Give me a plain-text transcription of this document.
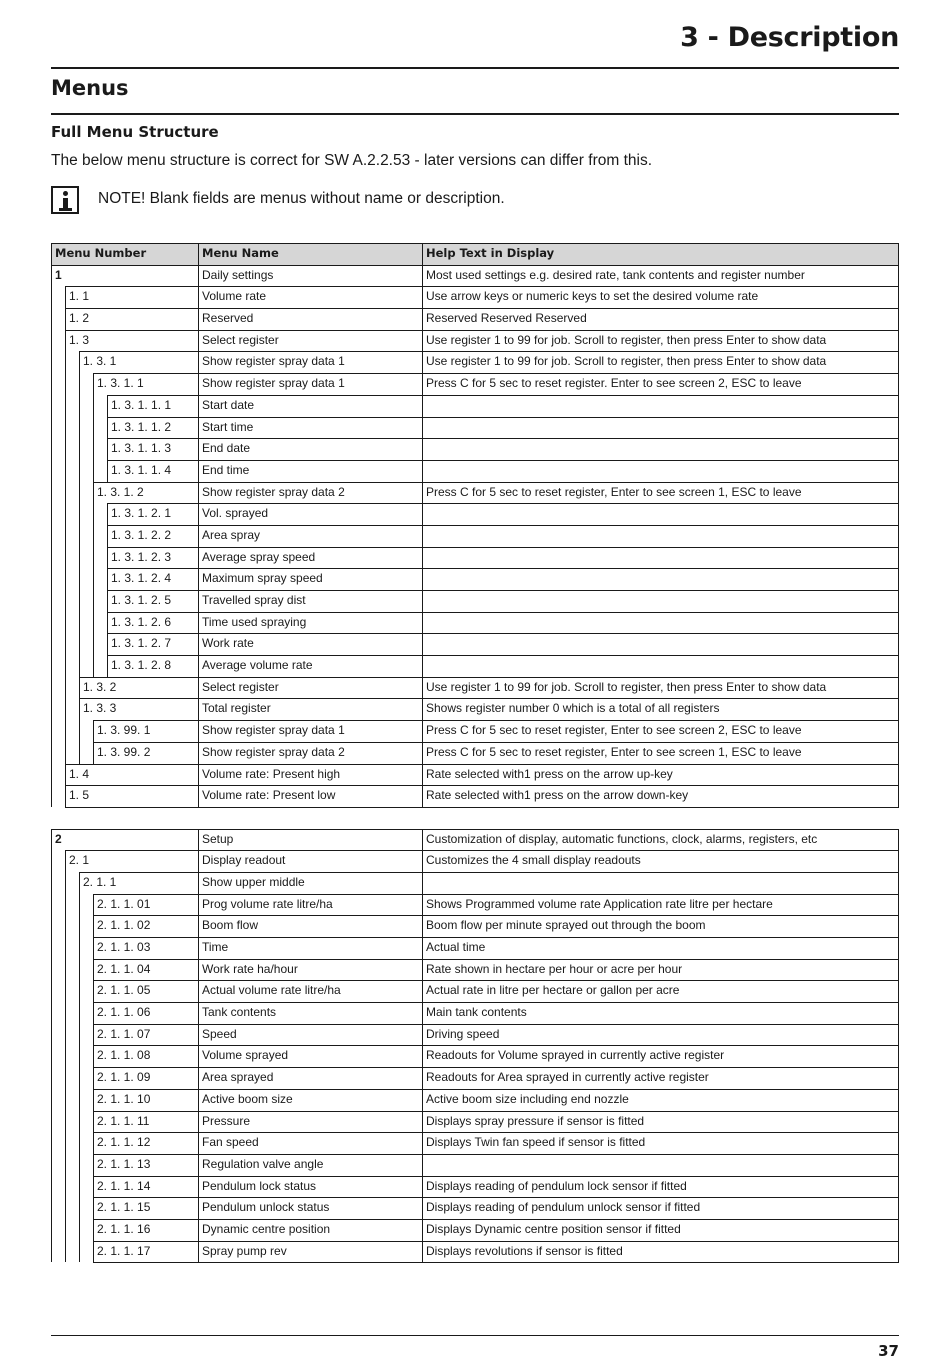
3 - Description
Menus
Full Menu Structure

The below menu structure is correct for SW A.2.2.53 - later versions can differ from this.

NOTE! Blank fields are menus without name or description.

Menu Number	Menu Name	Help Text in Display
1	Daily settings	Most used settings e.g. desired rate, tank contents and register number
1. 1	Volume rate	Use arrow keys or numeric keys to set the desired volume rate
1. 2	Reserved	Reserved Reserved Reserved
1. 3	Select register	Use register 1 to 99 for job. Scroll to register, then press Enter to show data
1. 3. 1	Show register spray data 1	Use register 1 to 99 for job. Scroll to register, then press Enter to show data
1. 3. 1. 1	Show register spray data 1	Press C for 5 sec to reset register. Enter to see screen 2, ESC to leave
1. 3. 1. 1. 1	Start date
1. 3. 1. 1. 2	Start time
1. 3. 1. 1. 3	End date
1. 3. 1. 1. 4	End time
1. 3. 1. 2	Show register spray data 2	Press C for 5 sec to reset register, Enter to see screen 1, ESC to leave
1. 3. 1. 2. 1	Vol. sprayed
1. 3. 1. 2. 2	Area spray
1. 3. 1. 2. 3	Average spray speed
1. 3. 1. 2. 4	Maximum spray speed
1. 3. 1. 2. 5	Travelled spray dist
1. 3. 1. 2. 6	Time used spraying
1. 3. 1. 2. 7	Work rate
1. 3. 1. 2. 8	Average volume rate
1. 3. 2	Select register	Use register 1 to 99 for job. Scroll to register, then press Enter to show data
1. 3. 3	Total register	Shows register number 0 which is a total of all registers
1. 3. 99. 1	Show register spray data 1	Press C for 5 sec to reset register, Enter to see screen 2, ESC to leave
1. 3. 99. 2	Show register spray data 2	Press C for 5 sec to reset register, Enter to see screen 1, ESC to leave
1. 4	Volume rate: Present high	Rate selected with1 press on the arrow up-key
1. 5	Volume rate: Present low	Rate selected with1 press on the arrow down-key
2	Setup	Customization of display, automatic functions, clock, alarms, registers, etc
2. 1	Display readout	Customizes the 4 small display readouts
2. 1. 1	Show upper middle
2. 1. 1. 01	Prog volume rate litre/ha	Shows Programmed volume rate Application rate litre per hectare
2. 1. 1. 02	Boom flow	Boom flow per minute sprayed out through the boom
2. 1. 1. 03	Time	Actual time
2. 1. 1. 04	Work rate ha/hour	Rate shown in hectare per hour or acre per hour
2. 1. 1. 05	Actual volume rate litre/ha	Actual rate in litre per hectare or gallon per acre
2. 1. 1. 06	Tank contents	Main tank contents
2. 1. 1. 07	Speed	Driving speed
2. 1. 1. 08	Volume sprayed	Readouts for Volume sprayed in currently active register
2. 1. 1. 09	Area sprayed	Readouts for Area sprayed in currently active register
2. 1. 1. 10	Active boom size	Active boom size including end nozzle
2. 1. 1. 11	Pressure	Displays spray pressure if sensor is fitted
2. 1. 1. 12	Fan speed	Displays Twin fan speed if sensor is fitted
2. 1. 1. 13	Regulation valve angle
2. 1. 1. 14	Pendulum lock status	Displays reading of pendulum lock sensor if fitted
2. 1. 1. 15	Pendulum unlock status	Displays reading of pendulum unlock sensor if fitted
2. 1. 1. 16	Dynamic centre position	Displays Dynamic centre position sensor if fitted
2. 1. 1. 17	Spray pump rev	Displays revolutions if sensor is fitted

37
